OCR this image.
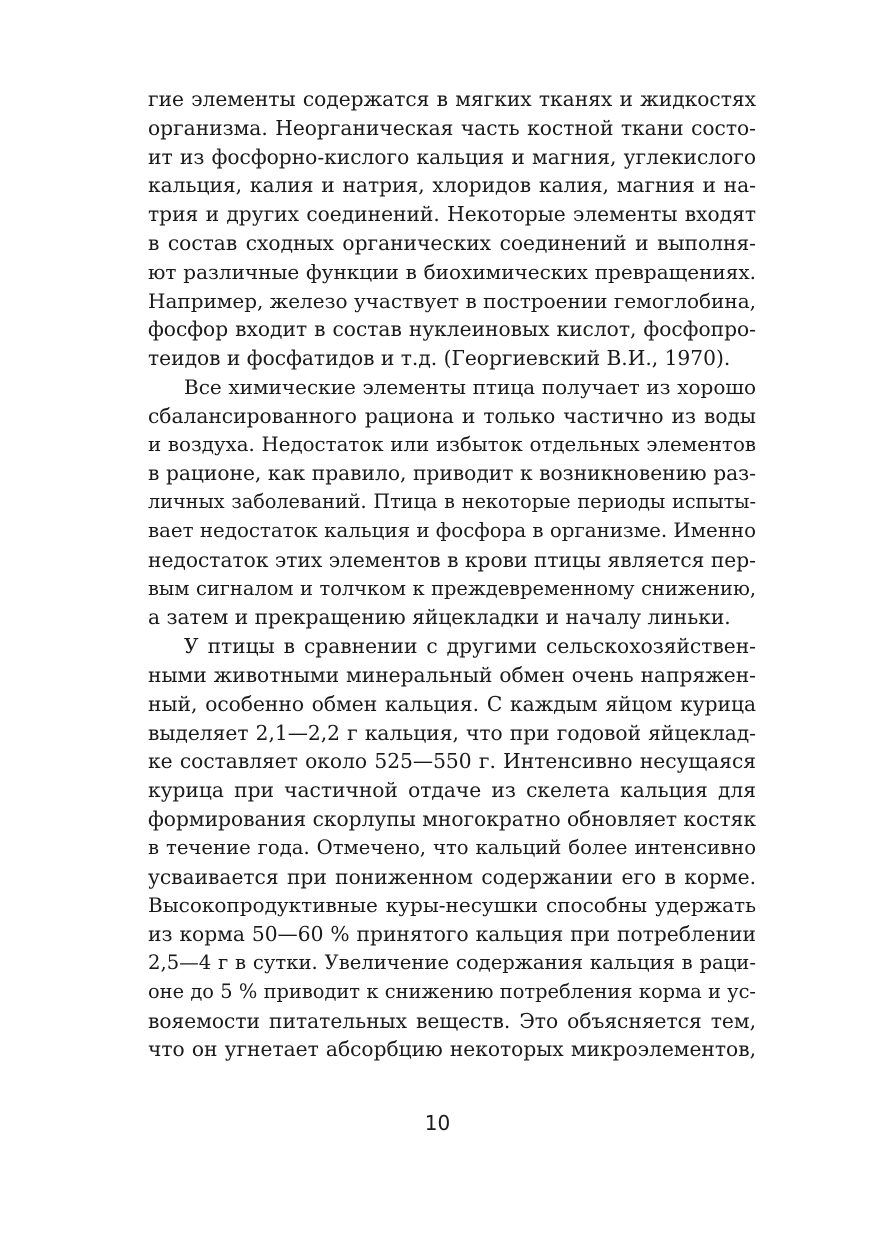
гие элементы содержатся в мягких тканях и жидкостях
организма. Неорганическая часть костной ткани состо-
ит из фосфорно-кислого кальция и магния, углекислого
кальция, калия и натрия, хлоридов калия, магния и на-
трия и других соединений. Некоторые элементы входят
в состав сходных органических соединений и выполня-
ют различные функции в биохимических превращениях.
Например, железо участвует в построении гемоглобина,
фосфор входит в состав нуклеиновых кислот, фосфопро-
теидов и фосфатидов и т.д. (Георгиевский В.И., 1970).
Все химические элементы птица получает из хорошо
сбалансированного рациона и только частично из воды
и воздуха. Недостаток или избыток отдельных элементов
в рационе, как правило, приводит к возникновению раз-
личных заболеваний. Птица в некоторые периоды испыты-
вает недостаток кальция и фосфора в организме. Именно
недостаток этих элементов в крови птицы является пер-
вым сигналом и толчком к преждевременному снижению,
а затем и прекращению яйцекладки и началу линьки.
У птицы в сравнении с другими сельскохозяйствен-
ными животными минеральный обмен очень напряжен-
ный, особенно обмен кальция. С каждым яйцом курица
выделяет 2,1—2,2 г кальция, что при годовой яйцеклад-
ке составляет около 525—550 г. Интенсивно несущаяся
курица при частичной отдаче из скелета кальция для
формирования скорлупы многократно обновляет костяк
в течение года. Отмечено, что кальций более интенсивно
усваивается при пониженном содержании его в корме.
Высокопродуктивные куры-несушки способны удержать
из корма 50—60 % принятого кальция при потреблении
2,5—4 г в сутки. Увеличение содержания кальция в раци-
оне до 5 % приводит к снижению потребления корма и ус-
вояемости питательных веществ. Это объясняется тем,
что он угнетает абсорбцию некоторых микроэлементов,
10
